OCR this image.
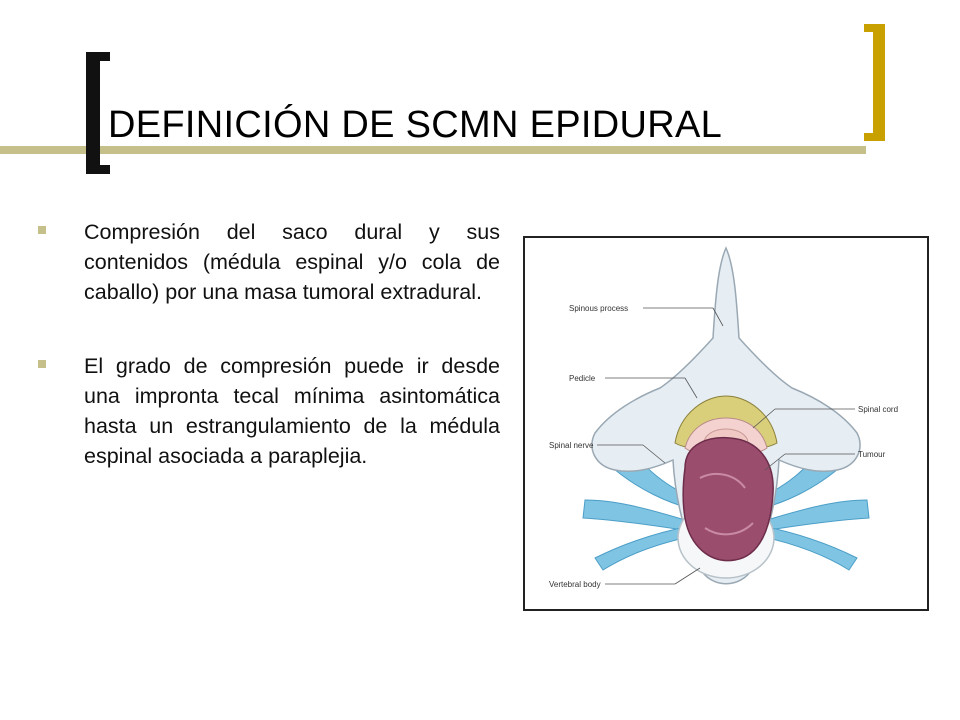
DEFINICIÓN DE SCMN EPIDURAL
Compresión del saco dural y sus contenidos (médula espinal y/o cola de caballo) por una masa tumoral extradural.
El grado de compresión puede ir desde una impronta tecal mínima asintomática hasta un estrangulamiento de la médula espinal asociada a paraplejia.
Spinous process
Pedicle
Spinal nerve
Vertebral body
Spinal cord
Tumour
